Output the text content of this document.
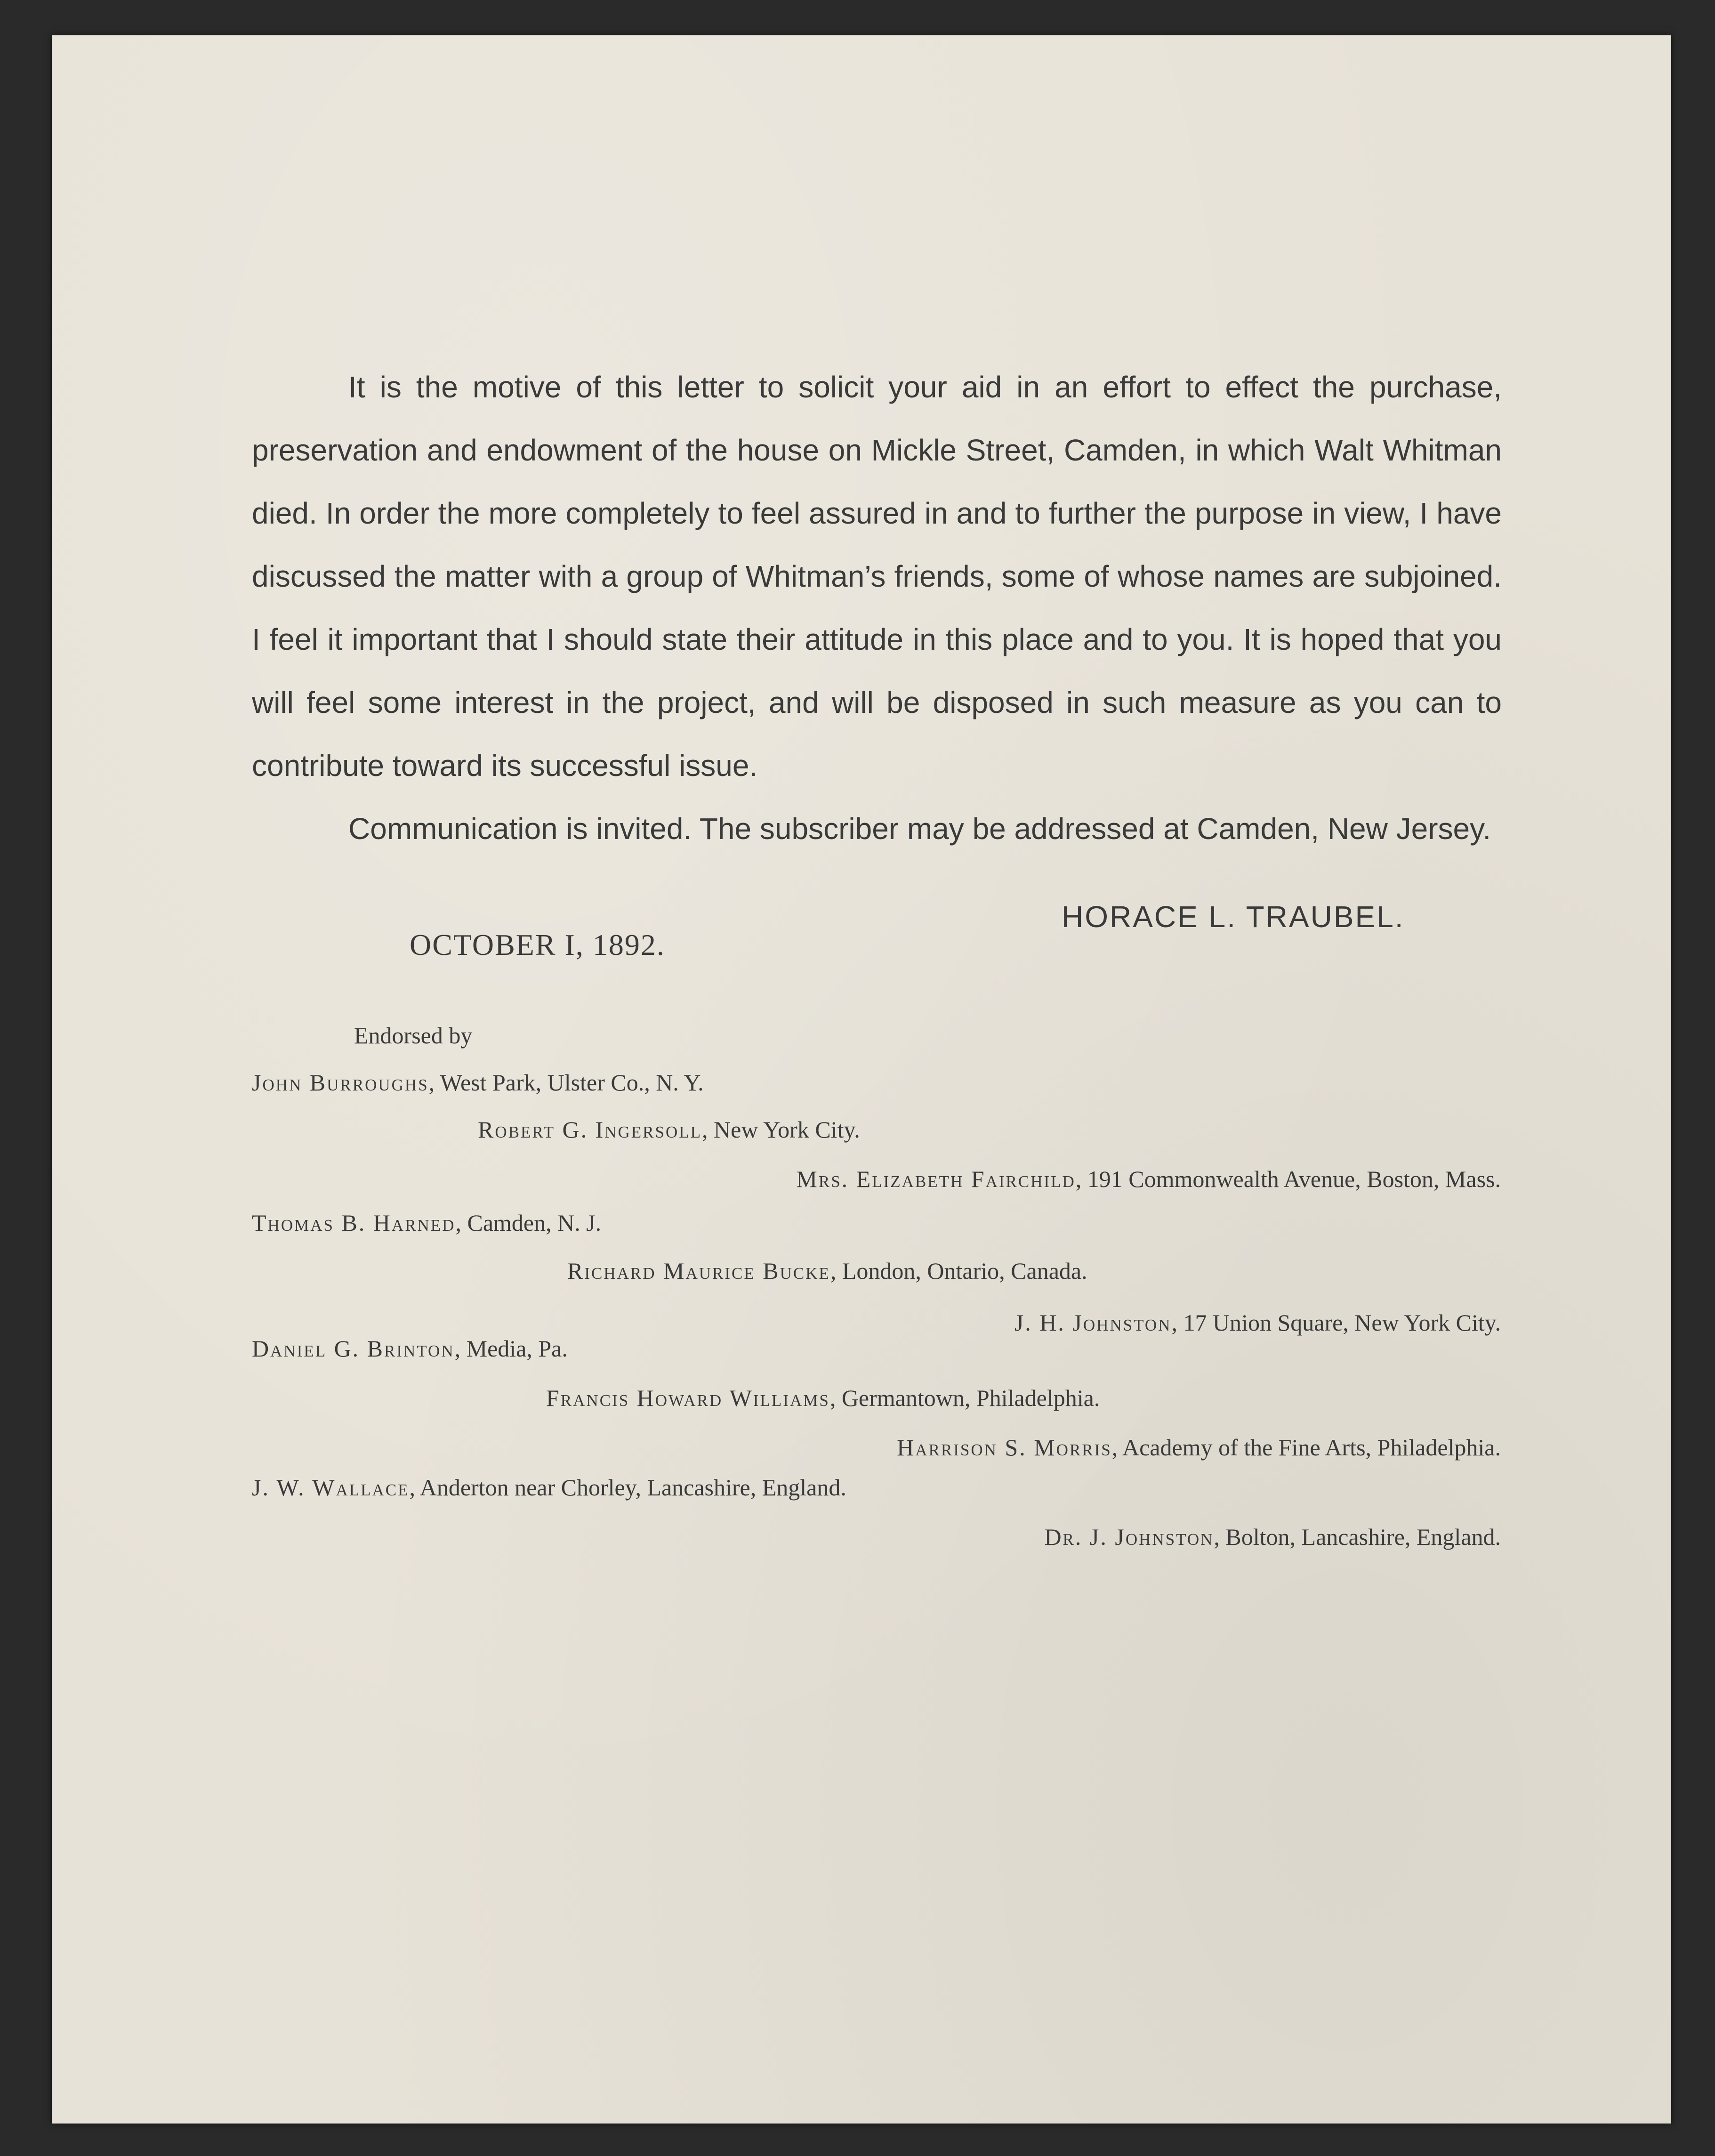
It is the motive of this letter to solicit your aid in an effort to effect the purchase, preservation and endowment of the house on Mickle Street, Camden, in which Walt Whitman died. In order the more completely to feel assured in and to further the purpose in view, I have discussed the matter with a group of Whitman’s friends, some of whose names are subjoined. I feel it important that I should state their attitude in this place and to you. It is hoped that you will feel some interest in the project, and will be disposed in such measure as you can to contribute toward its successful issue.

Communication is invited. The subscriber may be addressed at Camden, New Jersey.

OCTOBER I, 1892.
HORACE L. TRAUBEL.
Endorsed by
John Burroughs, West Park, Ulster Co., N. Y.
Robert G. Ingersoll, New York City.
Mrs. Elizabeth Fairchild, 191 Commonwealth Avenue, Boston, Mass.
Thomas B. Harned, Camden, N. J.
Richard Maurice Bucke, London, Ontario, Canada.
J. H. Johnston, 17 Union Square, New York City.
Daniel G. Brinton, Media, Pa.
Francis Howard Williams, Germantown, Philadelphia.
Harrison S. Morris, Academy of the Fine Arts, Philadelphia.
J. W. Wallace, Anderton near Chorley, Lancashire, England.
Dr. J. Johnston, Bolton, Lancashire, England.
